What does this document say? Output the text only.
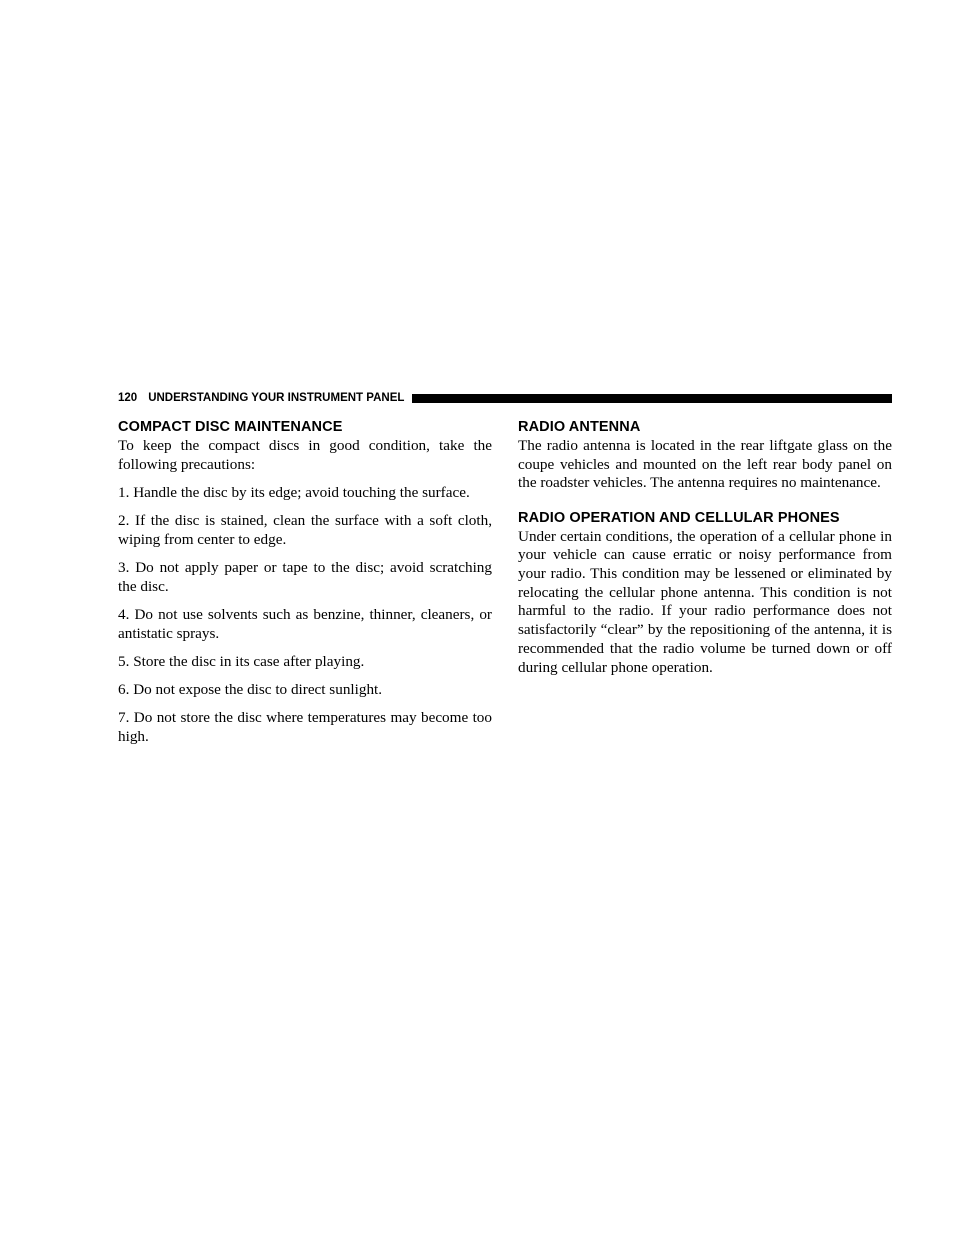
120 UNDERSTANDING YOUR INSTRUMENT PANEL
COMPACT DISC MAINTENANCE

To keep the compact discs in good condition, take the following precautions:

1. Handle the disc by its edge; avoid touching the surface.

2. If the disc is stained, clean the surface with a soft cloth, wiping from center to edge.

3. Do not apply paper or tape to the disc; avoid scratching the disc.

4. Do not use solvents such as benzine, thinner, cleaners, or antistatic sprays.

5. Store the disc in its case after playing.

6. Do not expose the disc to direct sunlight.

7. Do not store the disc where temperatures may become too high.

RADIO ANTENNA

The radio antenna is located in the rear liftgate glass on the coupe vehicles and mounted on the left rear body panel on the roadster vehicles. The antenna requires no maintenance.

RADIO OPERATION AND CELLULAR PHONES

Under certain conditions, the operation of a cellular phone in your vehicle can cause erratic or noisy performance from your radio. This condition may be lessened or eliminated by relocating the cellular phone antenna. This condition is not harmful to the radio. If your radio performance does not satisfactorily “clear” by the repositioning of the antenna, it is recommended that the radio volume be turned down or off during cellular phone operation.
